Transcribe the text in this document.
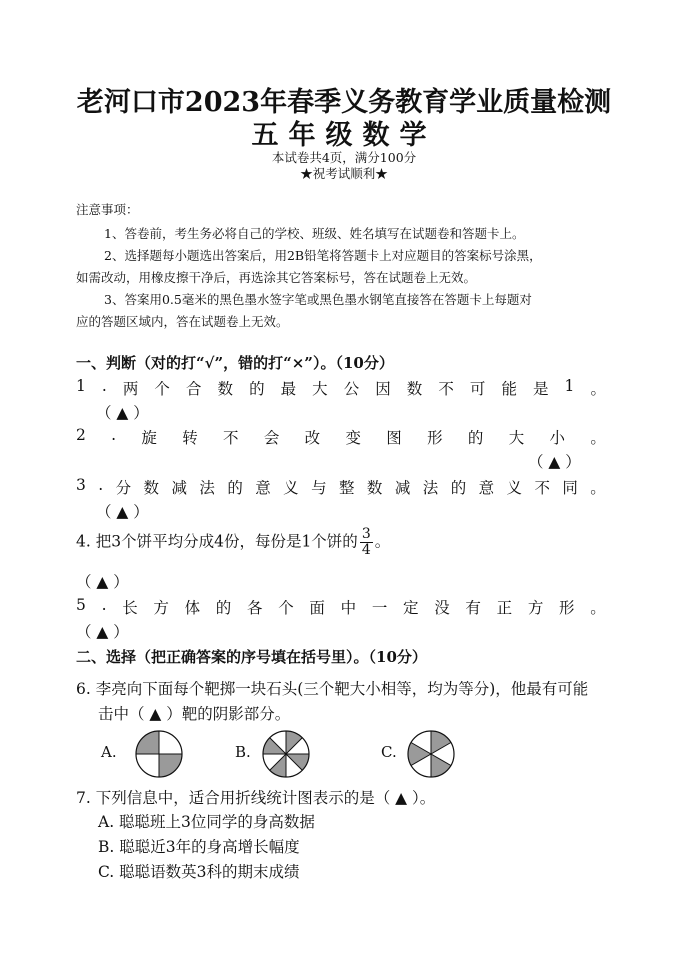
老河口市2023年春季义务教育学业质量检测
五年级数学
本试卷共4页，满分100分
★祝考试顺利★
注意事项：
1、答卷前，考生务必将自己的学校、班级、姓名填写在试题卷和答题卡上。
2、选择题每小题选出答案后，用2B铅笔将答题卡上对应题目的答案标号涂黑，
如需改动，用橡皮擦干净后，再选涂其它答案标号，答在试题卷上无效。
3、答案用0.5毫米的黑色墨水签字笔或黑色墨水钢笔直接答在答题卡上每题对
应的答题区域内，答在试题卷上无效。
一、判断（对的打“√”，错的打“×”）。（10分）
1 . 两 个 合 数 的 最 大 公 因 数 不 可 能 是 1 。
（ ▲ ）
2 . 旋 转 不 会 改 变 图 形 的 大 小 。
（ ▲ ）
3 . 分 数 减 法 的 意 义 与 整 数 减 法 的 意 义 不 同 。
（ ▲ ）
4. 把3个饼平均分成4份，每份是1个饼的 $\frac{3}{4}$ 。
（ ▲ ）
5 . 长 方 体 的 各 个 面 中 一 定 没 有 正 方 形 。
（ ▲ ）
二、选择（把正确答案的序号填在括号里）。（10分）
6. 李亮向下面每个靶掷一块石头(三个靶大小相等，均为等分)，他最有可能
击中（ ▲ ）靶的阴影部分。
A.	B.	C.
7. 下列信息中，适合用折线统计图表示的是（ ▲ ）。
A. 聪聪班上3位同学的身高数据
B. 聪聪近3年的身高增长幅度
C. 聪聪语数英3科的期末成绩
